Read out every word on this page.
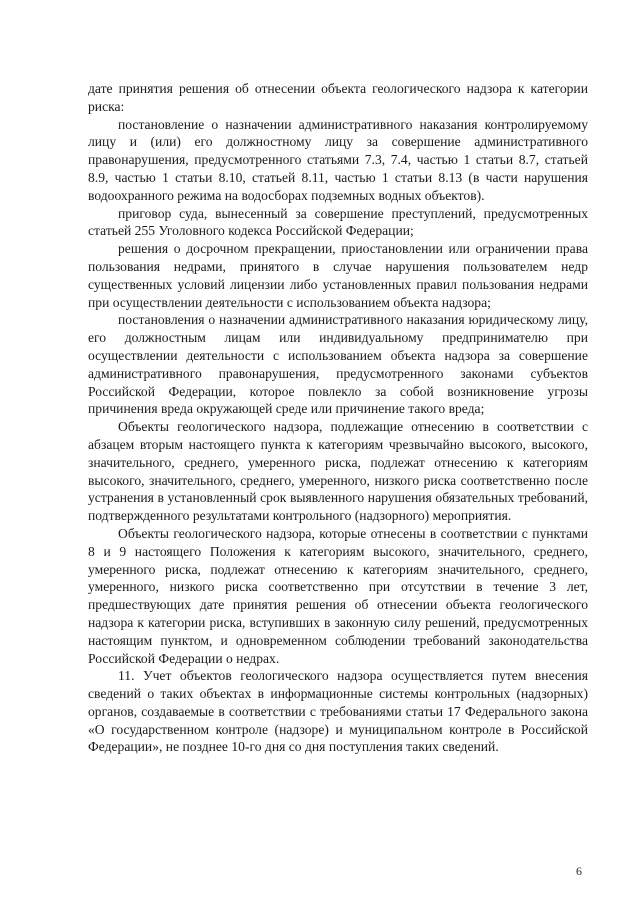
дате принятия решения об отнесении объекта геологического надзора к категории риска:

постановление о назначении административного наказания контролируемому лицу и (или) его должностному лицу за совершение административного правонарушения, предусмотренного статьями 7.3, 7.4, частью 1 статьи 8.7, статьей 8.9, частью 1 статьи 8.10, статьей 8.11, частью 1 статьи 8.13 (в части нарушения водоохранного режима на водосборах подземных водных объектов).

приговор суда, вынесенный за совершение преступлений, предусмотренных статьей 255 Уголовного кодекса Российской Федерации;

решения о досрочном прекращении, приостановлении или ограничении права пользования недрами, принятого в случае нарушения пользователем недр существенных условий лицензии либо установленных правил пользования недрами при осуществлении деятельности с использованием объекта надзора;

постановления о назначении административного наказания юридическому лицу, его должностным лицам или индивидуальному предпринимателю при осуществлении деятельности с использованием объекта надзора за совершение административного правонарушения, предусмотренного законами субъектов Российской Федерации, которое повлекло за собой возникновение угрозы причинения вреда окружающей среде или причинение такого вреда;

Объекты геологического надзора, подлежащие отнесению в соответствии с абзацем вторым настоящего пункта к категориям чрезвычайно высокого, высокого, значительного, среднего, умеренного риска, подлежат отнесению к категориям высокого, значительного, среднего, умеренного, низкого риска соответственно после устранения в установленный срок выявленного нарушения обязательных требований, подтвержденного результатами контрольного (надзорного) мероприятия.

Объекты геологического надзора, которые отнесены в соответствии с пунктами 8 и 9 настоящего Положения к категориям высокого, значительного, среднего, умеренного риска, подлежат отнесению к категориям значительного, среднего, умеренного, низкого риска соответственно при отсутствии в течение 3 лет, предшествующих дате принятия решения об отнесении объекта геологического надзора к категории риска, вступивших в законную силу решений, предусмотренных настоящим пунктом, и одновременном соблюдении требований законодательства Российской Федерации о недрах.

11. Учет объектов геологического надзора осуществляется путем внесения сведений о таких объектах в информационные системы контрольных (надзорных) органов, создаваемые в соответствии с требованиями статьи 17 Федерального закона «О государственном контроле (надзоре) и муниципальном контроле в Российской Федерации», не позднее 10-го дня со дня поступления таких сведений.

6
